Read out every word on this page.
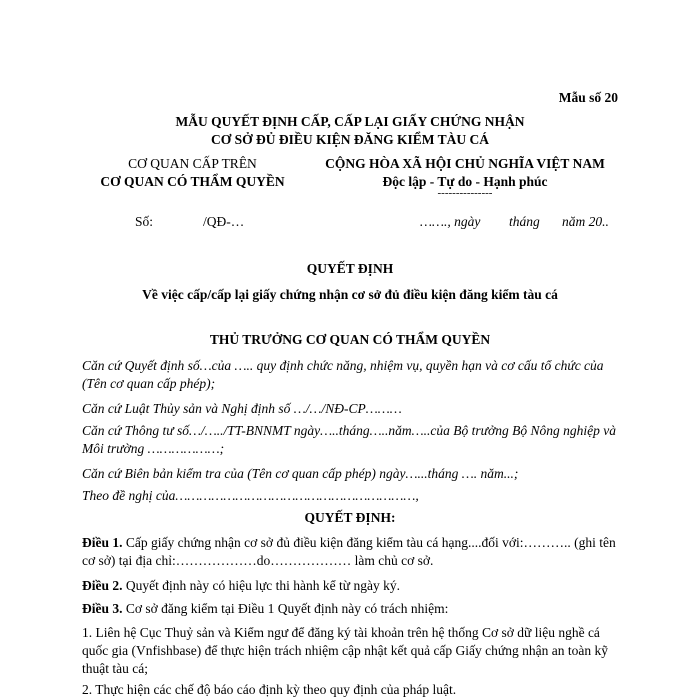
Mẫu số 20
MẪU QUYẾT ĐỊNH CẤP, CẤP LẠI GIẤY CHỨNG NHẬN
CƠ SỞ ĐỦ ĐIỀU KIỆN ĐĂNG KIỂM TÀU CÁ
CƠ QUAN CẤP TRÊN
CƠ QUAN CÓ THẨM QUYỀN
CỘNG HÒA XÃ HỘI CHỦ NGHĨA VIỆT NAM
Độc lập - Tự do - Hạnh phúc
---------------
Số:	/QĐ-…	……., ngày tháng năm 20..
QUYẾT ĐỊNH
Về việc cấp/cấp lại giấy chứng nhận cơ sở đủ điều kiện đăng kiểm tàu cá
THỦ TRƯỞNG CƠ QUAN CÓ THẨM QUYỀN
Căn cứ Quyết định số…của ….. quy định chức năng, nhiệm vụ, quyền hạn và cơ cấu tổ chức của (Tên cơ quan cấp phép);
Căn cứ Luật Thủy sản và Nghị định số …/…/NĐ-CP………
Căn cứ Thông tư số…/…../TT-BNNMT ngày…..tháng…..năm…..của Bộ trưởng Bộ Nông nghiệp và Môi trường ………………;
Căn cứ Biên bản kiểm tra của (Tên cơ quan cấp phép) ngày…...tháng …. năm...;
Theo đề nghị của……………………………………………………,
QUYẾT ĐỊNH:
Điều 1. Cấp giấy chứng nhận cơ sở đủ điều kiện đăng kiểm tàu cá hạng....đối với:……….. (ghi tên cơ sở) tại địa chỉ:………………do……………… làm chủ cơ sở.
Điều 2. Quyết định này có hiệu lực thi hành kể từ ngày ký.
Điều 3. Cơ sở đăng kiểm tại Điều 1 Quyết định này có trách nhiệm:
1. Liên hệ Cục Thuỷ sản và Kiểm ngư để đăng ký tài khoản trên hệ thống Cơ sở dữ liệu nghề cá quốc gia (Vnfishbase) để thực hiện trách nhiệm cập nhật kết quả cấp Giấy chứng nhận an toàn kỹ thuật tàu cá;
2. Thực hiện các chế độ báo cáo định kỳ theo quy định của pháp luật.
